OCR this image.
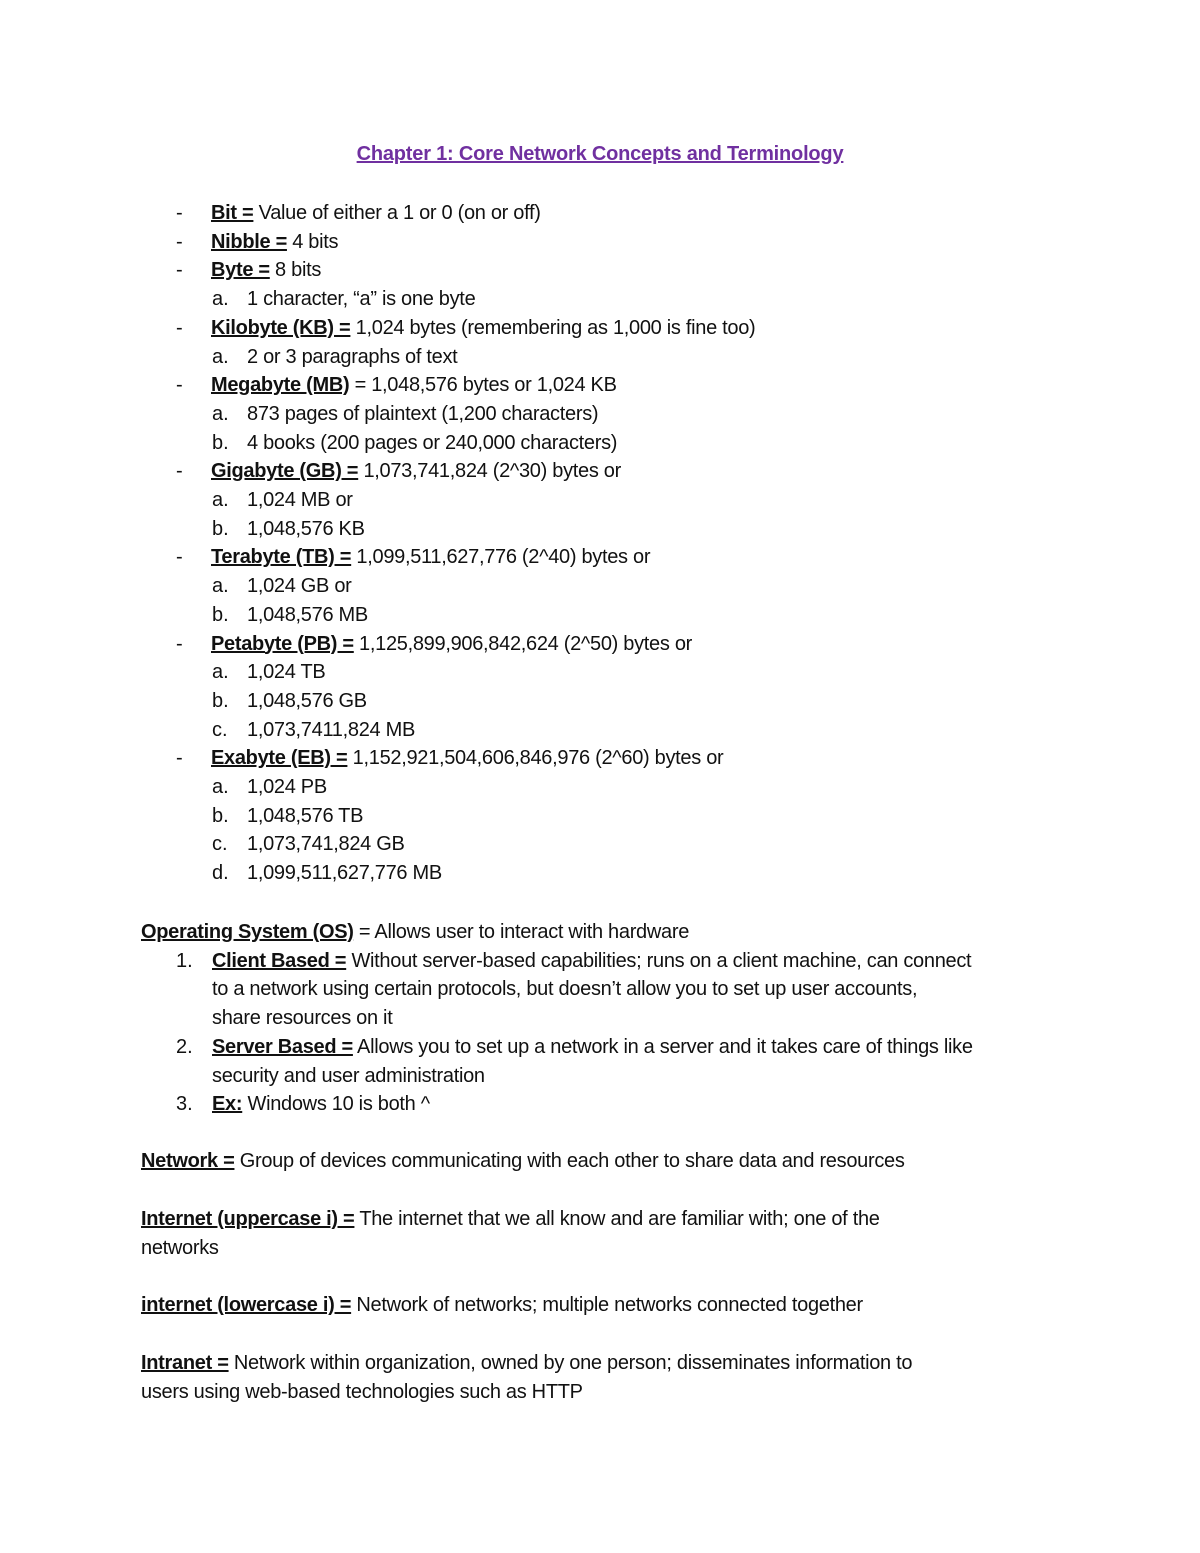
Chapter 1: Core Network Concepts and Terminology
- Bit = Value of either a 1 or 0 (on or off)
- Nibble = 4 bits
- Byte = 8 bits
a. 1 character, “a” is one byte
- Kilobyte (KB) = 1,024 bytes (remembering as 1,000 is fine too)
a. 2 or 3 paragraphs of text
- Megabyte (MB) = 1,048,576 bytes or 1,024 KB
a. 873 pages of plaintext (1,200 characters)
b. 4 books (200 pages or 240,000 characters)
- Gigabyte (GB) = 1,073,741,824 (2^30) bytes or
a. 1,024 MB or
b. 1,048,576 KB
- Terabyte (TB) = 1,099,511,627,776 (2^40) bytes or
a. 1,024 GB or
b. 1,048,576 MB
- Petabyte (PB) = 1,125,899,906,842,624 (2^50) bytes or
a. 1,024 TB
b. 1,048,576 GB
c. 1,073,7411,824 MB
- Exabyte (EB) = 1,152,921,504,606,846,976 (2^60) bytes or
a. 1,024 PB
b. 1,048,576 TB
c. 1,073,741,824 GB
d. 1,099,511,627,776 MB
Operating System (OS) = Allows user to interact with hardware
1. Client Based = Without server-based capabilities; runs on a client machine, can connect
to a network using certain protocols, but doesn’t allow you to set up user accounts,
share resources on it
2. Server Based = Allows you to set up a network in a server and it takes care of things like
security and user administration
3. Ex: Windows 10 is both ^
Network = Group of devices communicating with each other to share data and resources
Internet (uppercase i) = The internet that we all know and are familiar with; one of the
networks
internet (lowercase i) = Network of networks; multiple networks connected together
Intranet = Network within organization, owned by one person; disseminates information to
users using web-based technologies such as HTTP
